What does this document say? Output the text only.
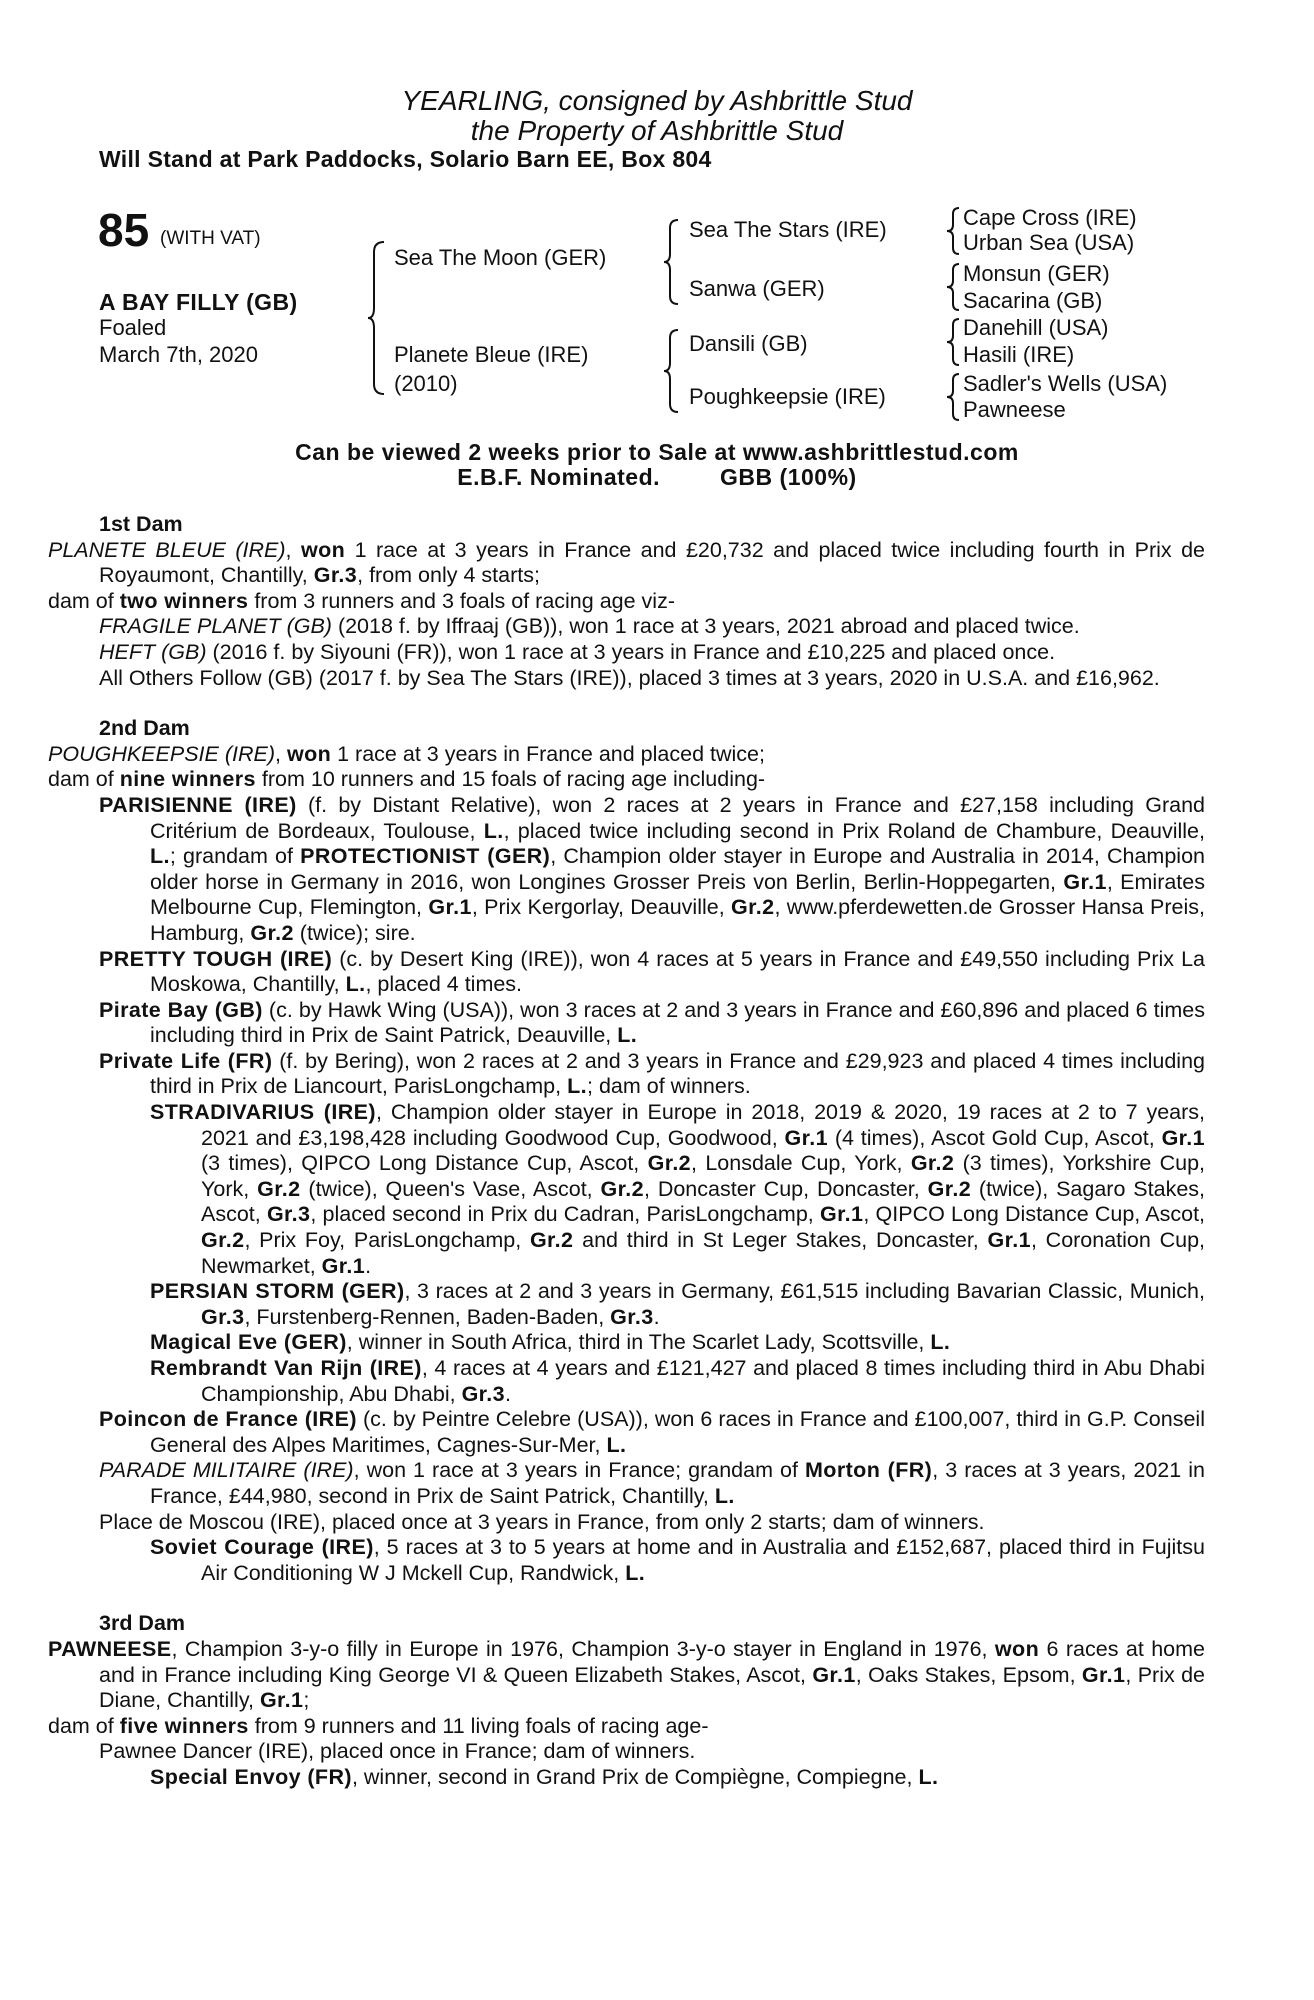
YEARLING, consigned by Ashbrittle Stud
the Property of Ashbrittle Stud
Will Stand at Park Paddocks, Solario Barn EE, Box 804
85 (WITH VAT)
A BAY FILLY (GB)
Foaled
March 7th, 2020
Sea The Moon (GER)
Planete Bleue (IRE)
(2010)
Sea The Stars (IRE)
Sanwa (GER)
Dansili (GB)
Poughkeepsie (IRE)
Cape Cross (IRE)
Urban Sea (USA)
Monsun (GER)
Sacarina (GB)
Danehill (USA)
Hasili (IRE)
Sadler's Wells (USA)
Pawneese
Can be viewed 2 weeks prior to Sale at www.ashbrittlestud.com
E.B.F. Nominated.	GBB (100%)
1st Dam
PLANETE BLEUE (IRE), won 1 race at 3 years in France and £20,732 and placed twice including fourth in Prix de Royaumont, Chantilly, Gr.3, from only 4 starts;
dam of two winners from 3 runners and 3 foals of racing age viz-
FRAGILE PLANET (GB) (2018 f. by Iffraaj (GB)), won 1 race at 3 years, 2021 abroad and placed twice.
HEFT (GB) (2016 f. by Siyouni (FR)), won 1 race at 3 years in France and £10,225 and placed once.
All Others Follow (GB) (2017 f. by Sea The Stars (IRE)), placed 3 times at 3 years, 2020 in U.S.A. and £16,962.
2nd Dam
POUGHKEEPSIE (IRE), won 1 race at 3 years in France and placed twice;
dam of nine winners from 10 runners and 15 foals of racing age including-
PARISIENNE (IRE) (f. by Distant Relative), won 2 races at 2 years in France and £27,158 including Grand Critérium de Bordeaux, Toulouse, L., placed twice including second in Prix Roland de Chambure, Deauville, L.; grandam of PROTECTIONIST (GER), Champion older stayer in Europe and Australia in 2014, Champion older horse in Germany in 2016, won Longines Grosser Preis von Berlin, Berlin-Hoppegarten, Gr.1, Emirates Melbourne Cup, Flemington, Gr.1, Prix Kergorlay, Deauville, Gr.2, www.pferdewetten.de Grosser Hansa Preis, Hamburg, Gr.2 (twice); sire.
PRETTY TOUGH (IRE) (c. by Desert King (IRE)), won 4 races at 5 years in France and £49,550 including Prix La Moskowa, Chantilly, L., placed 4 times.
Pirate Bay (GB) (c. by Hawk Wing (USA)), won 3 races at 2 and 3 years in France and £60,896 and placed 6 times including third in Prix de Saint Patrick, Deauville, L.
Private Life (FR) (f. by Bering), won 2 races at 2 and 3 years in France and £29,923 and placed 4 times including third in Prix de Liancourt, ParisLongchamp, L.; dam of winners.
STRADIVARIUS (IRE), Champion older stayer in Europe in 2018, 2019 & 2020, 19 races at 2 to 7 years, 2021 and £3,198,428 including Goodwood Cup, Goodwood, Gr.1 (4 times), Ascot Gold Cup, Ascot, Gr.1 (3 times), QIPCO Long Distance Cup, Ascot, Gr.2, Lonsdale Cup, York, Gr.2 (3 times), Yorkshire Cup, York, Gr.2 (twice), Queen's Vase, Ascot, Gr.2, Doncaster Cup, Doncaster, Gr.2 (twice), Sagaro Stakes, Ascot, Gr.3, placed second in Prix du Cadran, ParisLongchamp, Gr.1, QIPCO Long Distance Cup, Ascot, Gr.2, Prix Foy, ParisLongchamp, Gr.2 and third in St Leger Stakes, Doncaster, Gr.1, Coronation Cup, Newmarket, Gr.1.
PERSIAN STORM (GER), 3 races at 2 and 3 years in Germany, £61,515 including Bavarian Classic, Munich, Gr.3, Furstenberg-Rennen, Baden-Baden, Gr.3.
Magical Eve (GER), winner in South Africa, third in The Scarlet Lady, Scottsville, L.
Rembrandt Van Rijn (IRE), 4 races at 4 years and £121,427 and placed 8 times including third in Abu Dhabi Championship, Abu Dhabi, Gr.3.
Poincon de France (IRE) (c. by Peintre Celebre (USA)), won 6 races in France and £100,007, third in G.P. Conseil General des Alpes Maritimes, Cagnes-Sur-Mer, L.
PARADE MILITAIRE (IRE), won 1 race at 3 years in France; grandam of Morton (FR), 3 races at 3 years, 2021 in France, £44,980, second in Prix de Saint Patrick, Chantilly, L.
Place de Moscou (IRE), placed once at 3 years in France, from only 2 starts; dam of winners.
Soviet Courage (IRE), 5 races at 3 to 5 years at home and in Australia and £152,687, placed third in Fujitsu Air Conditioning W J Mckell Cup, Randwick, L.
3rd Dam
PAWNEESE, Champion 3-y-o filly in Europe in 1976, Champion 3-y-o stayer in England in 1976, won 6 races at home and in France including King George VI & Queen Elizabeth Stakes, Ascot, Gr.1, Oaks Stakes, Epsom, Gr.1, Prix de Diane, Chantilly, Gr.1;
dam of five winners from 9 runners and 11 living foals of racing age-
Pawnee Dancer (IRE), placed once in France; dam of winners.
Special Envoy (FR), winner, second in Grand Prix de Compiègne, Compiegne, L.
